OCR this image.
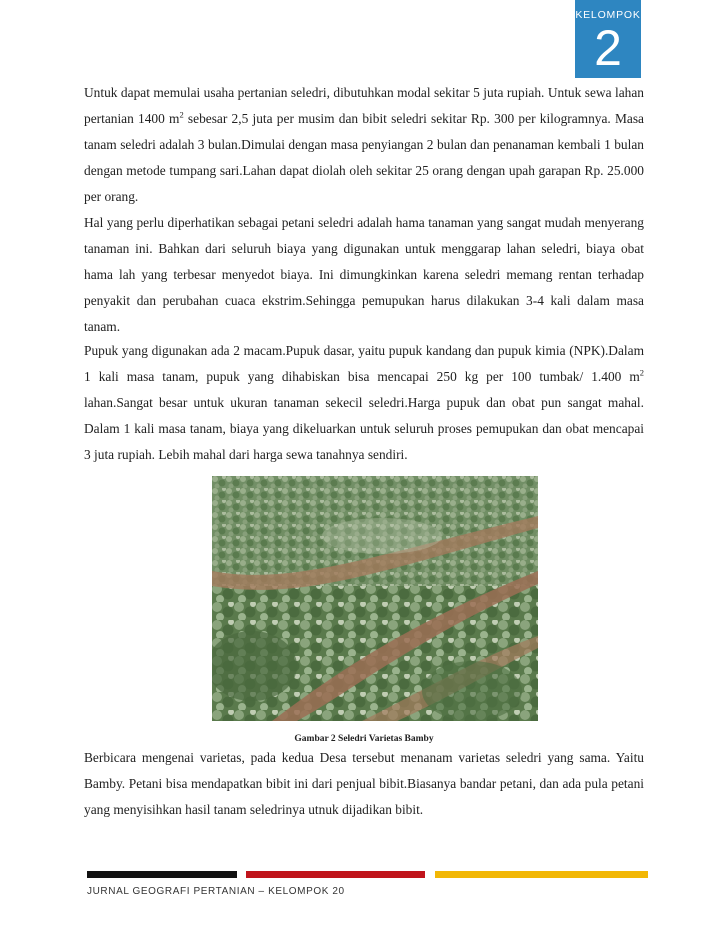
KELOMPOK
2
Untuk dapat memulai usaha pertanian seledri, dibutuhkan modal sekitar 5 juta rupiah. Untuk sewa lahan pertanian 1400 $m^2$ sebesar 2,5 juta per musim dan bibit seledri sekitar Rp. 300 per kilogramnya. Masa tanam seledri adalah 3 bulan.Dimulai dengan masa penyiangan 2 bulan dan penanaman kembali 1 bulan dengan metode tumpang sari.Lahan dapat diolah oleh sekitar 25 orang dengan upah garapan Rp. 25.000 per orang.
Hal yang perlu diperhatikan sebagai petani seledri adalah hama tanaman yang sangat mudah menyerang tanaman ini. Bahkan dari seluruh biaya yang digunakan untuk menggarap lahan seledri, biaya obat hama lah yang terbesar menyedot biaya. Ini dimungkinkan karena seledri memang rentan terhadap penyakit dan perubahan cuaca ekstrim.Sehingga pemupukan harus dilakukan 3-4 kali dalam masa tanam.
Pupuk yang digunakan ada 2 macam.Pupuk dasar, yaitu pupuk kandang dan pupuk kimia (NPK).Dalam 1 kali masa tanam, pupuk yang dihabiskan bisa mencapai 250 kg per 100 tumbak/ 1.400 $m^2$ lahan.Sangat besar untuk ukuran tanaman sekecil seledri.Harga pupuk dan obat pun sangat mahal. Dalam 1 kali masa tanam, biaya yang dikeluarkan untuk seluruh proses pemupukan dan obat mencapai 3 juta rupiah. Lebih mahal dari harga sewa tanahnya sendiri.
Gambar 2 Seledri Varietas Bamby
Berbicara mengenai varietas, pada kedua Desa tersebut menanam varietas seledri yang sama. Yaitu Bamby. Petani bisa mendapatkan bibit ini dari penjual bibit.Biasanya bandar petani, dan ada pula petani yang menyisihkan hasil tanam seledrinya utnuk dijadikan bibit.
JURNAL GEOGRAFI PERTANIAN – KELOMPOK 20
